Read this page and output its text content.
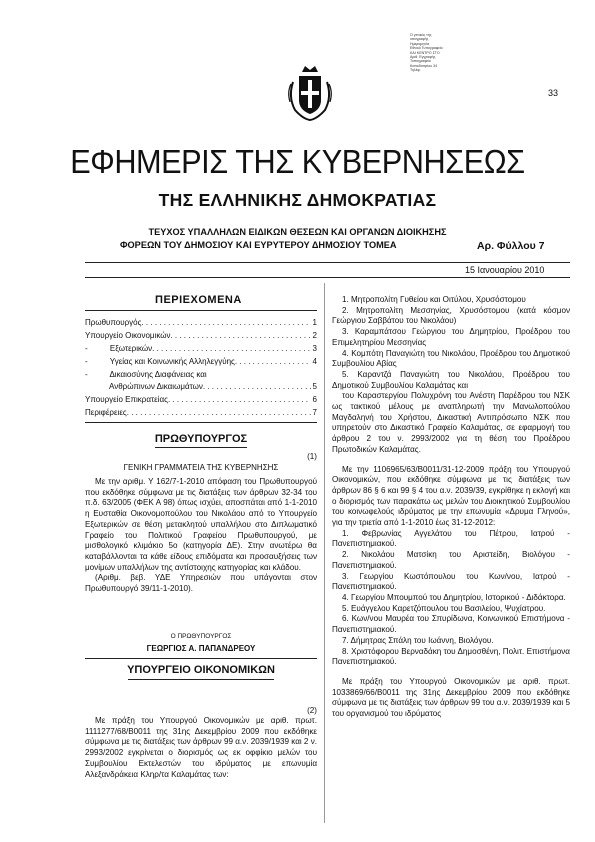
Ο γενικός της
υπογραφής
Ημερομηνία
Εθνικό Τυπογραφείο
ΚΑΙ ΚΕΝΤΡΟ ΣΤΟ
Αριθ. Εγγραφής
Τυπογραφείο
Καποδιστρίου 34
Τηλέφ.
33
ΕΦΗΜΕΡΙΣ ΤΗΣ ΚΥΒΕΡΝΗΣΕΩΣ
ΤΗΣ ΕΛΛΗΝΙΚΗΣ ΔΗΜΟΚΡΑΤΙΑΣ
ΤΕΥΧΟΣ ΥΠΑΛΛΗΛΩΝ ΕΙΔΙΚΩΝ ΘΕΣΕΩΝ ΚΑΙ ΟΡΓΑΝΩΝ ΔΙΟΙΚΗΣΗΣ
ΦΟΡΕΩΝ ΤΟΥ ΔΗΜΟΣΙΟΥ ΚΑΙ ΕΥΡΥΤΕΡΟΥ ΔΗΜΟΣΙΟΥ ΤΟΜΕΑ	Αρ. Φύλλου 7
15 Ιανουαρίου 2010
ΠΕΡΙΕΧΟΜΕΝΑ
Πρωθυπουργός . . .	1
Υπουργείο Οικονομικών . . .	2
-          Εξωτερικών . . .	3
-          Υγείας και Κοινωνικής Αλληλεγγύης . . .	4
-          Δικαιοσύνης Διαφάνειας και
Ανθρώπινων Δικαιωμάτων . . .	5
Υπουργείο Επικρατείας . . .	6
Περιφέρειες . . .	7
ΠΡΩΘΥΠΟΥΡΓΟΣ
(1)
ΓΕΝΙΚΗ ΓΡΑΜΜΑΤΕΙΑ ΤΗΣ ΚΥΒΕΡΝΗΣΗΣ

Με την αριθμ. Υ 162/7-1-2010 απόφαση του Πρωθυπουργού που εκδόθηκε σύμφωνα με τις διατάξεις των άρθρων 32-34 του π.δ. 63/2005 (ΦΕΚ Α 98) όπως ισχύει, αποσπάται από 1-1-2010 η Ευσταθία Οικονομοπούλου του Νικολάου από το Υπουργείο Εξωτερικών σε θέση μετακλητού υπαλλήλου στο Διπλωματικό Γραφείο του Πολιτικού Γραφείου Πρωθυπουργού, με μισθολογικό κλιμάκιο 5ο (κατηγορία ΔΕ). Στην ανωτέρω θα καταβάλλονται τα κάθε είδους επιδόματα και προσαυξήσεις των μονίμων υπαλλήλων της αντίστοιχης κατηγορίας και κλάδου.

(Αριθμ. βεβ. ΥΔΕ Υπηρεσιών που υπάγονται στον Πρωθυπουργό 39/11-1-2010).

Ο ΠΡΩΘΥΠΟΥΡΓΟΣ
ΓΕΩΡΓΙΟΣ Α. ΠΑΠΑΝΔΡΕΟΥ
ΥΠΟΥΡΓΕΙΟ ΟΙΚΟΝΟΜΙΚΩΝ
(2)

Με πράξη του Υπουργού Οικονομικών με αριθ. πρωτ. 1111277/68/Β0011 της 31ης Δεκεμβρίου 2009 που εκδόθηκε σύμφωνα με τις διατάξεις των άρθρων 99 α.ν. 2039/1939 και 2 ν. 2993/2002 εγκρίνεται ο διορισμός ως εκ οφφίκιο μελών του Συμβουλίου Εκτελεστών του ιδρύματος με επωνυμία Αλεξανδράκεια Κληρ/τα Καλαμάτας των:

1. Μητροπολίτη Γυθείου και Οιτύλου, Χρυσόστομου

2. Μητροπολίτη Μεσσηνίας, Χρυσόστομου (κατά κόσμον Γεώργιου Σαββάτου του Νικολάου)

3. Καραμπάτσου Γεώργιου του Δημητρίου, Προέδρου του Επιμελητηρίου Μεσσηνίας

4. Κομπότη Παναγιώτη του Νικολάου, Προέδρου του Δημοτικού Συμβουλίου Αβίας

5. Καραντζά Παναγιώτη του Νικολάου, Προέδρου του Δημοτικού Συμβουλίου Καλαμάτας και

του Καραστεργίου Πολυχρόνη του Ανέστη Παρέδρου του ΝΣΚ ως τακτικού μέλους με αναπληρωτή την Μανωλοπούλου Μαγδαληνή του Χρήστου, Δικαστική Αντιπρόσωπο ΝΣΚ που υπηρετούν στο Δικαστικό Γραφείο Καλαμάτας, σε εφαρμογή του άρθρου 2 του ν. 2993/2002 για τη θέση του Προέδρου Πρωτοδικών Καλαμάτας.

Με την 1106965/63/Β0011/31-12-2009 πράξη του Υπουργού Οικονομικών, που εκδόθηκε σύμφωνα με τις διατάξεις των άρθρων 86 § 6 και 99 § 4 του α.ν. 2039/39, εγκρίθηκε η εκλογή και ο διορισμός των παρακάτω ως μελών του Διοικητικού Συμβουλίου του κοινωφελούς ιδρύματος με την επωνυμία «Δρυμα Γληνού», για την τριετία από 1-1-2010 έως 31-12-2012:

1. Φεβρωνίας Αγγελάτου του Πέτρου, Ιατρού - Πανεπιστημιακού.

2. Νικολάου Ματσίκη του Αριστείδη, Βιολόγου - Πανεπιστημιακού.

3. Γεωργίου Κωστόπουλου του Κων/νου, Ιατρού - Πανεπιστημιακού.

4. Γεωργίου Μπουμπού του Δημητρίου, Ιστορικού - Διδάκτορα.

5. Ευάγγελου Καρετζόπουλου του Βασιλείου, Ψυχίατρου.

6. Κων/νου Μαυρέα του Σπυρίδωνα, Κοινωνικού Επιστήμονα - Πανεπιστημιακού.

7. Δήμητρας Σπάλη του Ιωάννη, Βιολόγου.

8. Χριστόφορου Βερναδάκη του Δημοσθένη, Πολιτ. Επιστήμονα Πανεπιστημιακού.

Με πράξη του Υπουργού Οικονομικών με αριθ. πρωτ. 1033869/66/Β0011 της 31ης Δεκεμβρίου 2009 που εκδόθηκε σύμφωνα με τις διατάξεις των άρθρων 99 του α.ν. 2039/1939 και 5 του οργανισμού του ιδρύματος
